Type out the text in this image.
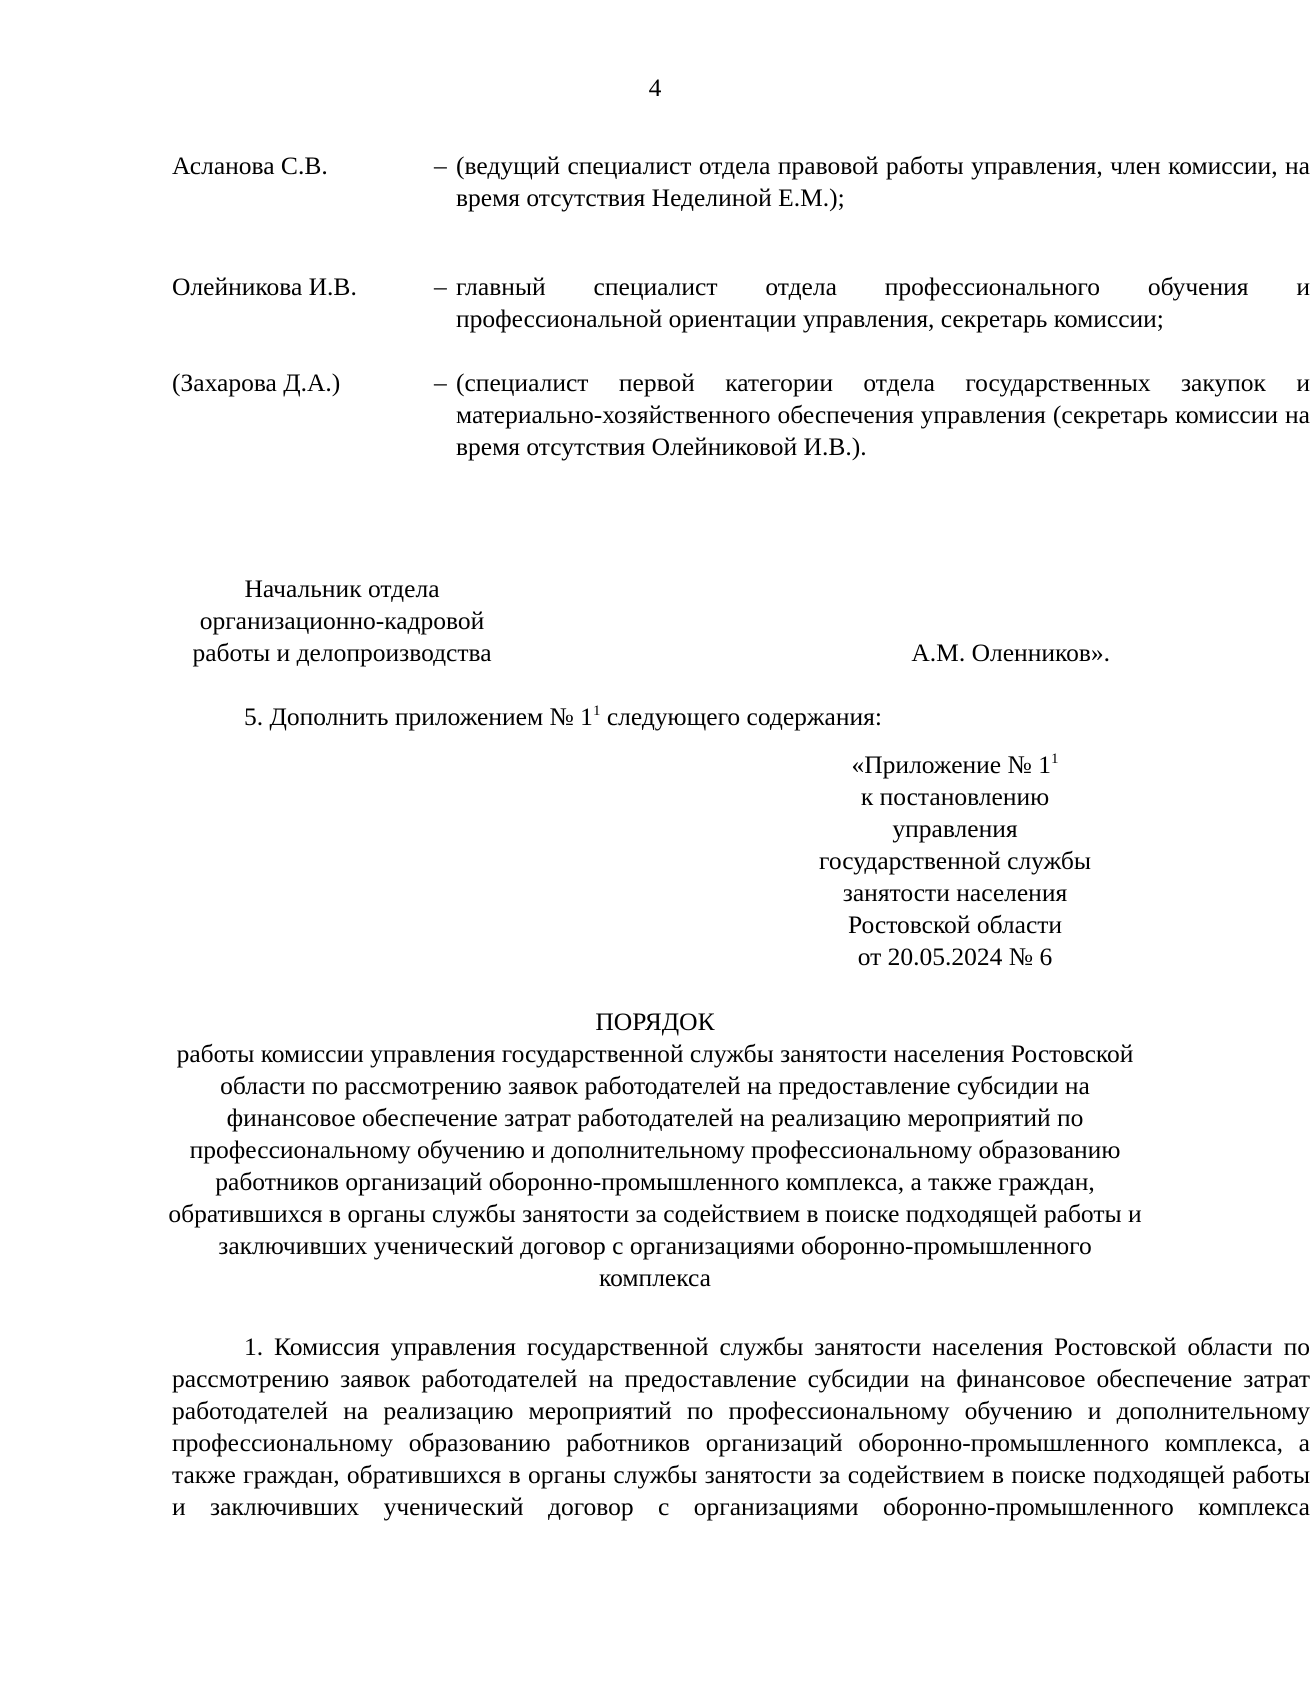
4
Асланова С.В.	– (ведущий специалист отдела правовой работы управления, член комиссии, на время отсутствия Неделиной Е.М.);
Олейникова И.В.	– главный специалист отдела профессионального обучения и профессиональной ориентации управления, секретарь комиссии;
(Захарова Д.А.)	– (специалист первой категории отдела государственных закупок и материально-хозяйственного обеспечения управления (секретарь комиссии на время отсутствия Олейниковой И.В.).
Начальник отдела
организационно-кадровой
работы и делопроизводства	А.М. Оленников».
5. Дополнить приложением № $1^1$ следующего содержания:
«Приложение № $1^1$
к постановлению
управления
государственной службы
занятости населения
Ростовской области
от 20.05.2024 № 6
ПОРЯДОК
работы комиссии управления государственной службы занятости населения Ростовской области по рассмотрению заявок работодателей на предоставление субсидии на финансовое обеспечение затрат работодателей на реализацию мероприятий по профессиональному обучению и дополнительному профессиональному образованию работников организаций оборонно-промышленного комплекса, а также граждан, обратившихся в органы службы занятости за содействием в поиске подходящей работы и заключивших ученический договор с организациями оборонно-промышленного комплекса
1. Комиссия управления государственной службы занятости населения Ростовской области по рассмотрению заявок работодателей на предоставление субсидии на финансовое обеспечение затрат работодателей на реализацию мероприятий по профессиональному обучению и дополнительному профессиональному образованию работников организаций оборонно-промышленного комплекса, а также граждан, обратившихся в органы службы занятости за содействием в поиске подходящей работы и заключивших ученический договор с организациями оборонно-промышленного комплекса
